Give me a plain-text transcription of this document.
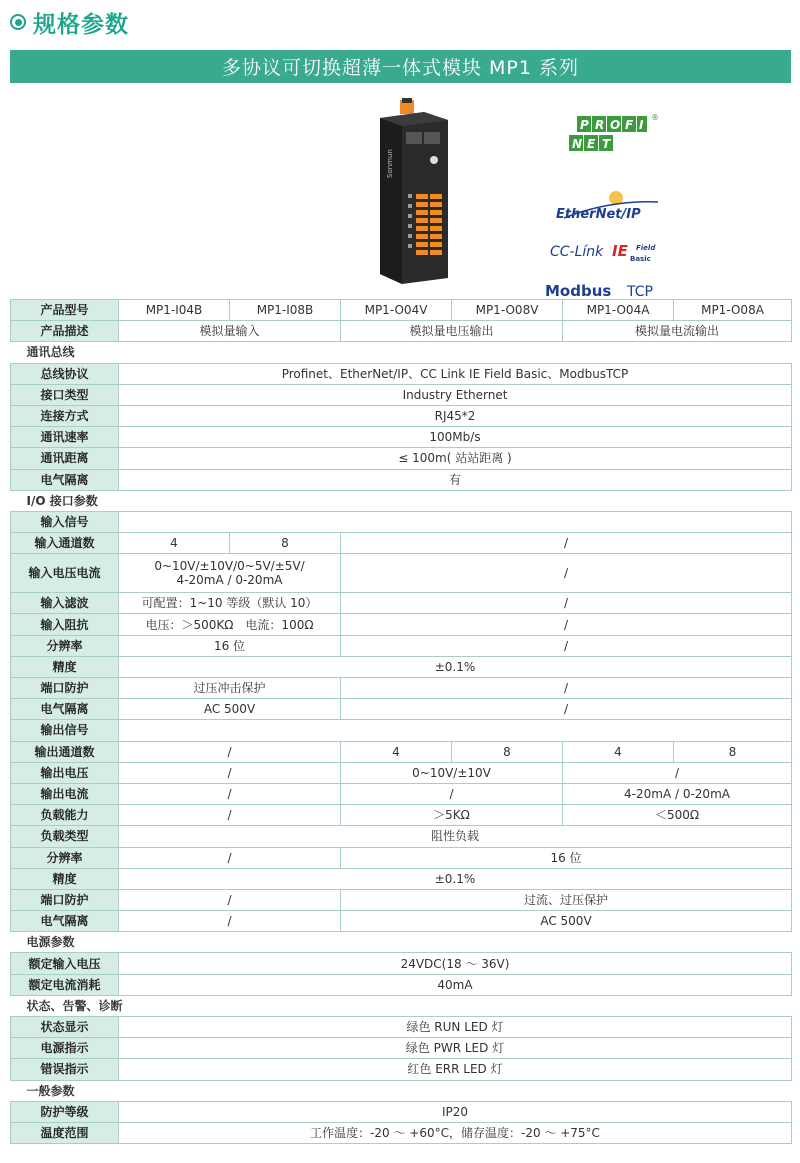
规格参数
多协议可切换超薄一体式模块 MP1 系列
Sonmun
P R O F I
N E T
®
EtherNet/IP
CC-Línk IE Field
Basic
Modbus TCP
产品型号	MP1-I04B	MP1-I08B	MP1-O04V	MP1-O08V	MP1-O04A	MP1-O08A
产品描述	模拟量输入		模拟量电压输出		模拟量电流输出	
通讯总线						
总线协议	Profinet、EtherNet/IP、CC Link IE Field Basic、ModbusTCP					
接口类型	Industry Ethernet					
连接方式	RJ45*2					
通讯速率	100Mb/s					
通讯距离	≤ 100m( 站站距离 )					
电气隔离	有					
I/O 接口参数						
输入信号						
输入通道数	4	8	/			
输入电压电流	0~10V/±10V/0~5V/±5V/
4-20mA / 0-20mA		/			
输入滤波	可配置：1~10 等级（默认 10）		/			
输入阻抗	电压：＞500KΩ　电流：100Ω		/			
分辨率	16 位		/			
精度	±0.1%					
端口防护	过压冲击保护		/			
电气隔离	AC 500V		/			
输出信号						
输出通道数	/		4	8	4	8
输出电压	/		0~10V/±10V		/	
输出电流	/		/		4-20mA / 0-20mA	
负载能力	/		＞5KΩ		＜500Ω	
负载类型	阻性负载					
分辨率	/		16 位			
精度	±0.1%					
端口防护	/		过流、过压保护			
电气隔离	/		AC 500V			
电源参数						
额定输入电压	24VDC(18 ～ 36V)					
额定电流消耗	40mA					
状态、告警、诊断						
状态显示	绿色 RUN LED 灯					
电源指示	绿色 PWR LED 灯					
错误指示	红色 ERR LED 灯					
一般参数						
防护等级	IP20					
温度范围	工作温度：-20 ～ +60°C，储存温度：-20 ～ +75°C					
